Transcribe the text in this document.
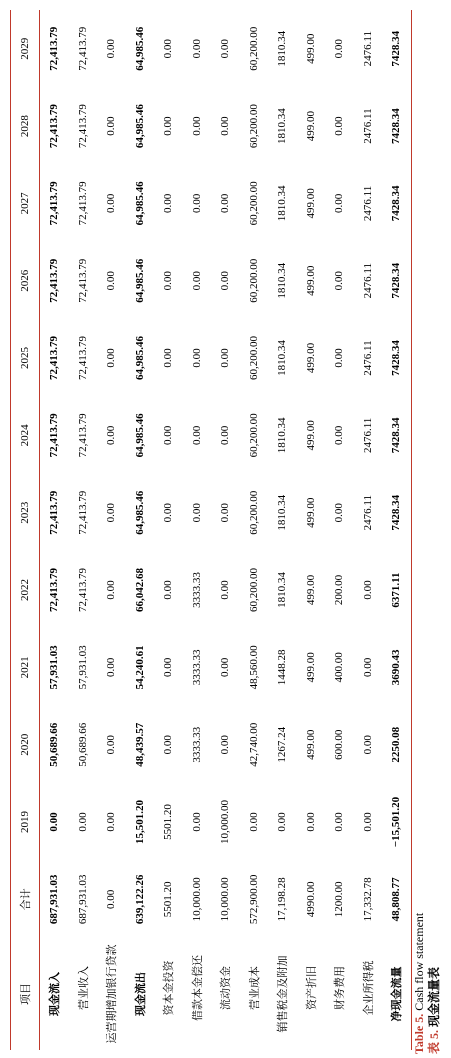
项目	合计	2019	2020	2021	2022	2023	2024	2025	2026	2027	2028	2029
现金流入	687,931.03	0.00	50,689.66	57,931.03	72,413.79	72,413.79	72,413.79	72,413.79	72,413.79	72,413.79	72,413.79	72,413.79
营业收入	687,931.03	0.00	50,689.66	57,931.03	72,413.79	72,413.79	72,413.79	72,413.79	72,413.79	72,413.79	72,413.79	72,413.79
运营期增加银行贷款	0.00	0.00	0.00	0.00	0.00	0.00	0.00	0.00	0.00	0.00	0.00	0.00
现金流出	639,122.26	15,501.20	48,439.57	54,240.61	66,042.68	64,985.46	64,985.46	64,985.46	64,985.46	64,985.46	64,985.46	64,985.46
资本金投资	5501.20	5501.20	0.00	0.00	0.00	0.00	0.00	0.00	0.00	0.00	0.00	0.00
借款本金偿还	10,000.00	0.00	3333.33	3333.33	3333.33	0.00	0.00	0.00	0.00	0.00	0.00	0.00
流动资金	10,000.00	10,000.00	0.00	0.00	0.00	0.00	0.00	0.00	0.00	0.00	0.00	0.00
营业成本	572,900.00	0.00	42,740.00	48,560.00	60,200.00	60,200.00	60,200.00	60,200.00	60,200.00	60,200.00	60,200.00	60,200.00
销售税金及附加	17,198.28	0.00	1267.24	1448.28	1810.34	1810.34	1810.34	1810.34	1810.34	1810.34	1810.34	1810.34
资产折旧	4990.00	0.00	499.00	499.00	499.00	499.00	499.00	499.00	499.00	499.00	499.00	499.00
财务费用	1200.00	0.00	600.00	400.00	200.00	0.00	0.00	0.00	0.00	0.00	0.00	0.00
企业所得税	17,332.78	0.00	0.00	0.00	0.00	2476.11	2476.11	2476.11	2476.11	2476.11	2476.11	2476.11
净现金流量	48,808.77	−15,501.20	2250.08	3690.43	6371.11	7428.34	7428.34	7428.34	7428.34	7428.34	7428.34	7428.34
Table 5. Cash flow statement
表 5. 现金流量表
